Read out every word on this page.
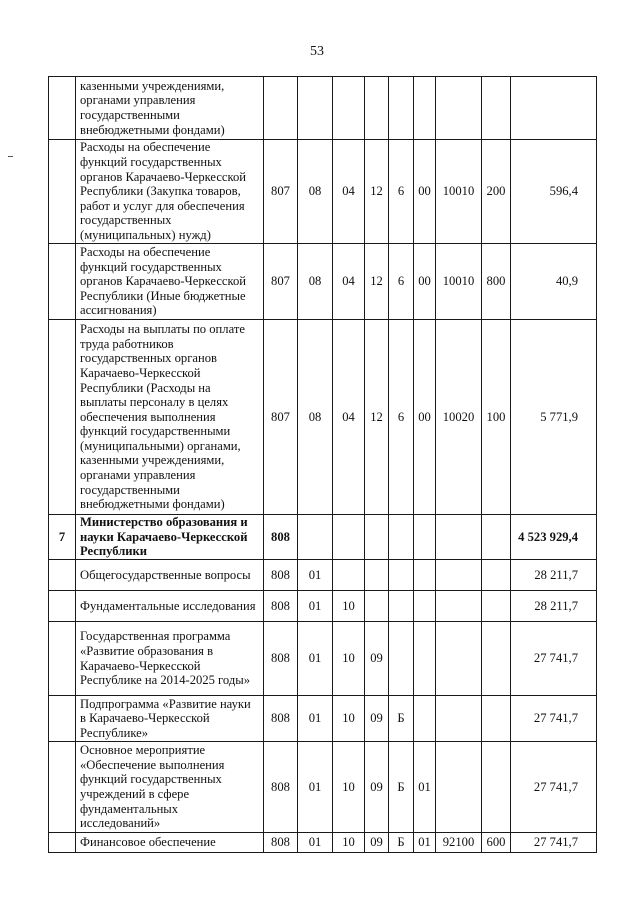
53
	казенными учреждениями, органами управления государственными внебюджетными фондами)									
	Расходы на обеспечение функций государственных органов Карачаево-Черкесской Республики (Закупка товаров, работ и услуг для обеспечения государственных (муниципальных) нужд)	807	08	04	12	6	00	10010	200	596,4
	Расходы на обеспечение функций государственных органов Карачаево-Черкесской Республики (Иные бюджетные ассигнования)	807	08	04	12	6	00	10010	800	40,9
	Расходы на выплаты по оплате труда работников государственных органов Карачаево-Черкесской Республики (Расходы на выплаты персоналу в целях обеспечения выполнения функций государственными (муниципальными) органами, казенными учреждениями, органами управления государственными внебюджетными фондами)	807	08	04	12	6	00	10020	100	5 771,9
7	Министерство образования и науки Карачаево-Черкесской Республики	808								4 523 929,4
	Общегосударственные вопросы	808	01							28 211,7
	Фундаментальные исследования	808	01	10						28 211,7
	Государственная программа «Развитие образования в Карачаево-Черкесской Республике на 2014-2025 годы»	808	01	10	09					27 741,7
	Подпрограмма «Развитие науки в Карачаево-Черкесской Республике»	808	01	10	09	Б				27 741,7
	Основное мероприятие «Обеспечение выполнения функций государственных учреждений в сфере фундаментальных исследований»	808	01	10	09	Б	01			27 741,7
	Финансовое обеспечение	808	01	10	09	Б	01	92100	600	27 741,7
